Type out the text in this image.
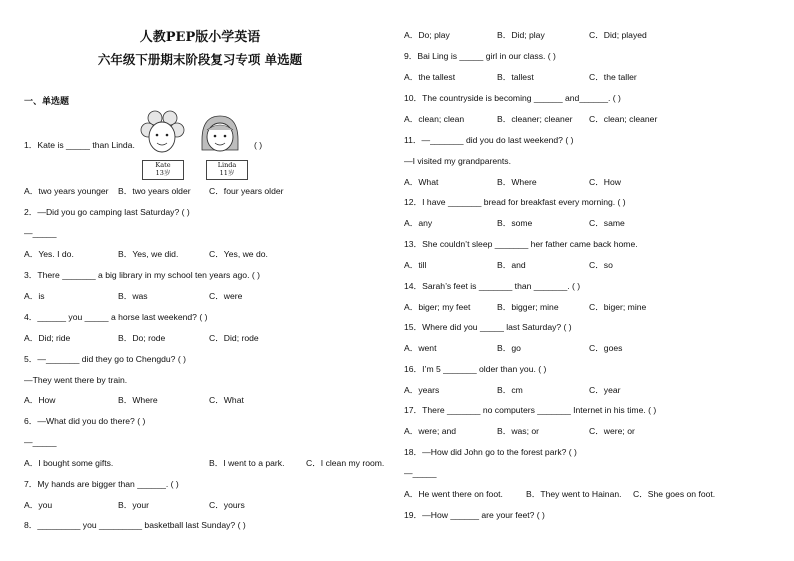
人教PEP版小学英语
六年级下册期末阶段复习专项 单选题
一、单选题
Kate
13岁
Linda
11岁
1．Kate is _____ than Linda.	( )
A．two years younger B．two years older C．four years older
2．—Did you go camping last Saturday? ( )
—_____
A．Yes. I do.	B．Yes, we did.	C．Yes, we do.
3．There _______ a big library in my school ten years ago. ( )
A．is	B．was	C．were
4．______ you _____ a horse last weekend? ( )
A．Did; ride	B．Do; rode	C．Did; rode
5．—_______ did they go to Chengdu? ( )
—They went there by train.
A．How	B．Where	C．What
6．—What did you do there? ( )
—_____
A．I bought some gifts.	B．I went to a park.	C．I clean my room.
7．My hands are bigger than ______. ( )
A．you	B．your	C．yours
8．_________ you _________ basketball last Sunday? ( )
A．Do; play	B．Did; play	C．Did; played
9．Bai Ling is _____ girl in our class. ( )
A．the tallest	B．tallest	C．the taller
10．The countryside is becoming ______ and______. ( )
A．clean; clean	B．cleaner; cleaner C．clean; cleaner
11．—_______ did you do last weekend? ( )
—I visited my grandparents.
A．What	B．Where	C．How
12．I have _______ bread for breakfast every morning. ( )
A．any	B．some	C．same
13．She couldn’t sleep _______ her father came back home.
A．till	B．and	C．so
14．Sarah’s feet is _______ than _______. ( )
A．biger; my feet	B．bigger; mine	C．biger; mine
15．Where did you _____ last Saturday? ( )
A．went	B．go	C．goes
16．I’m 5 _______ older than you. ( )
A．years	B．cm	C．year
17．There _______ no computers _______ Internet in his time. ( )
A．were; and	B．was; or	C．were; or
18．—How did John go to the forest park? ( )
—_____
A．He went there on foot.	B．They went to Hainan. C．She goes on foot.
19．—How ______ are your feet? ( )
